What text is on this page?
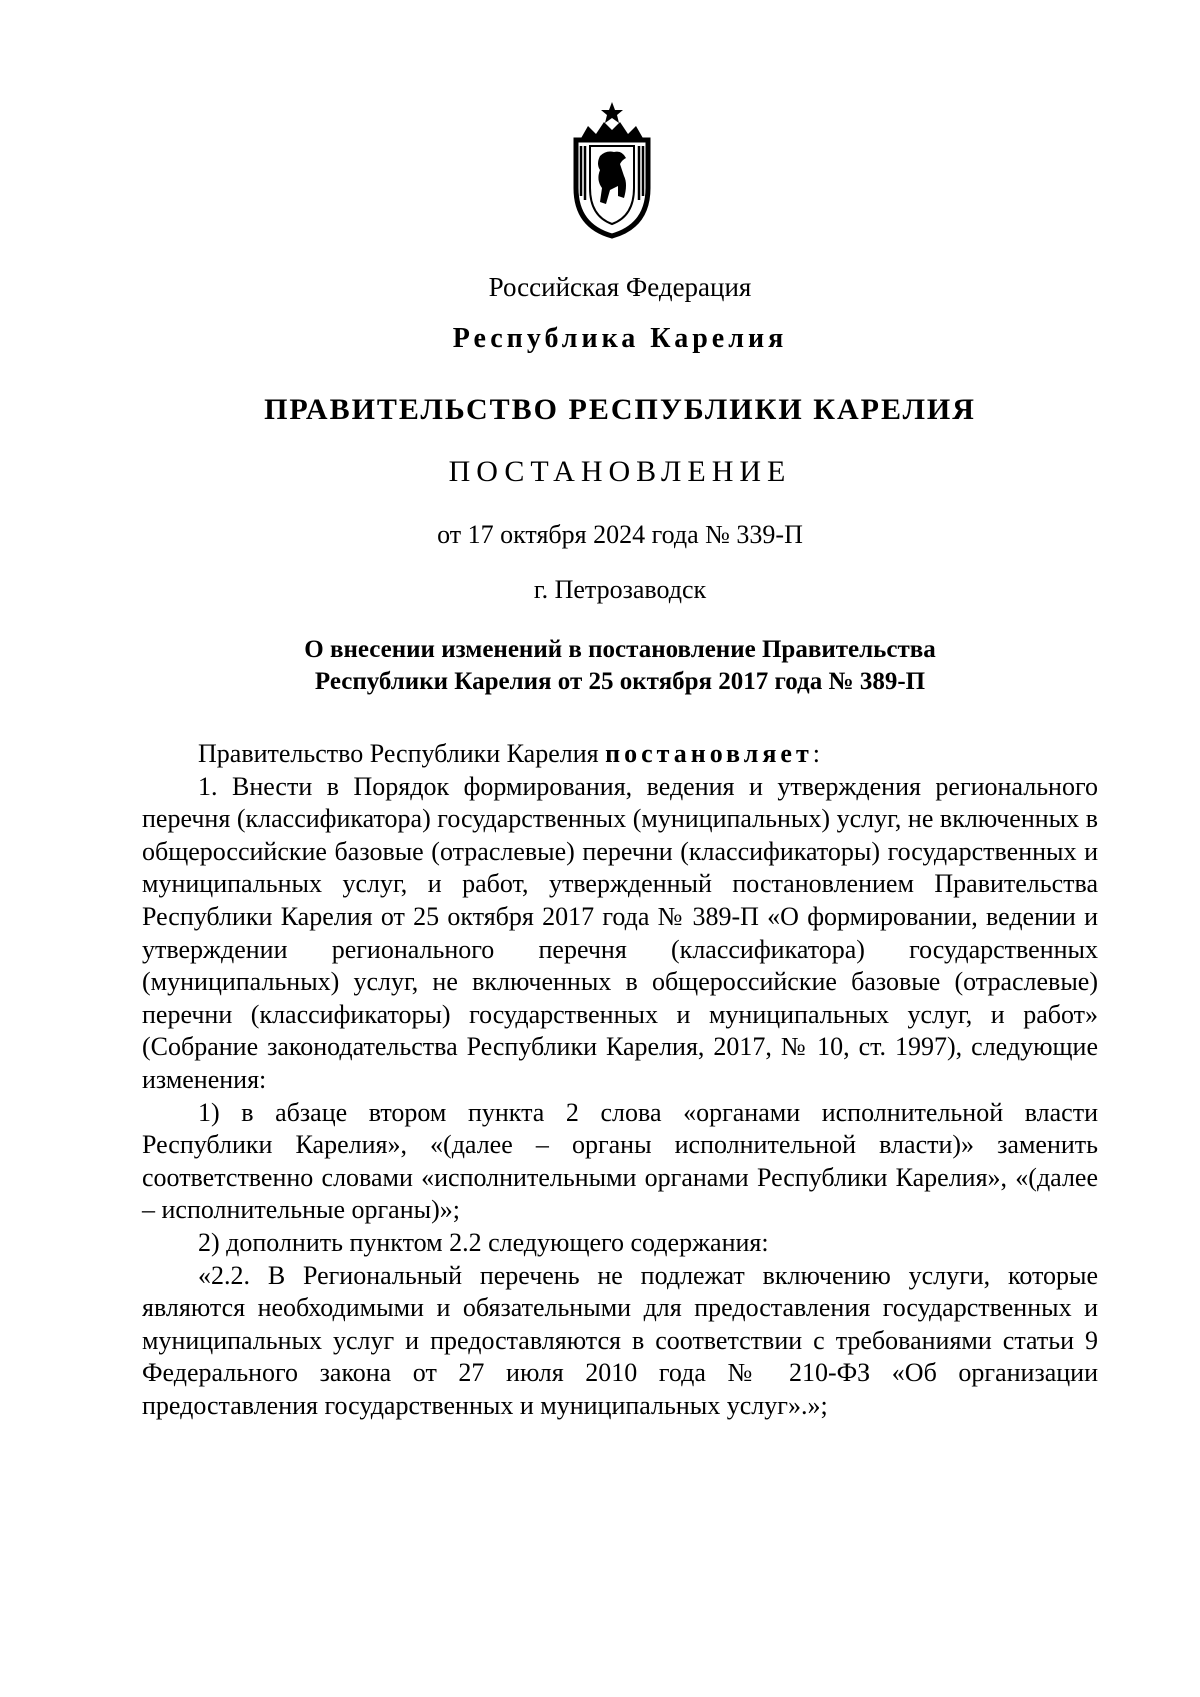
Российская Федерация
Республика Карелия
ПРАВИТЕЛЬСТВО РЕСПУБЛИКИ КАРЕЛИЯ
ПОСТАНОВЛЕНИЕ
от 17 октября 2024 года № 339-П
г. Петрозаводск
О внесении изменений в постановление Правительства
Республики Карелия от 25 октября 2017 года № 389-П

Правительство Республики Карелия постановляет:

1. Внести в Порядок формирования, ведения и утверждения регионального перечня (классификатора) государственных (муниципальных) услуг, не включенных в общероссийские базовые (отраслевые) перечни (классификаторы) государственных и муниципальных услуг, и работ, утвержденный постановлением Правительства Республики Карелия от 25 октября 2017 года № 389-П «О формировании, ведении и утверждении регионального перечня (классификатора) государственных (муниципальных) услуг, не включенных в общероссийские базовые (отраслевые) перечни (классификаторы) государственных и муниципальных услуг, и работ» (Собрание законодательства Республики Карелия, 2017, № 10, ст. 1997), следующие изменения:

1) в абзаце втором пункта 2 слова «органами исполнительной власти Республики Карелия», «(далее – органы исполнительной власти)» заменить соответственно словами «исполнительными органами Республики Карелия», «(далее – исполнительные органы)»;

2) дополнить пунктом 2.2 следующего содержания:

«2.2. В Региональный перечень не подлежат включению услуги, которые являются необходимыми и обязательными для предоставления государственных и муниципальных услуг и предоставляются в соответствии с требованиями статьи 9 Федерального закона от 27 июля 2010 года № 210-ФЗ «Об организации предоставления государственных и муниципальных услуг».»;
